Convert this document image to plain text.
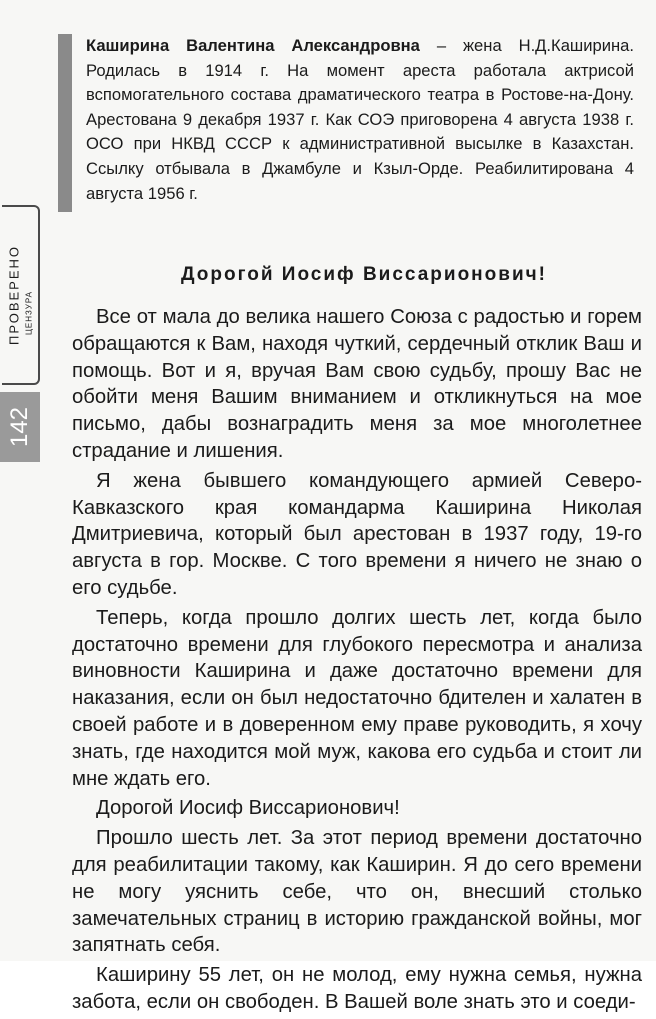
Каширина Валентина Александровна – жена Н.Д.Каширина. Родилась в 1914 г. На момент ареста работала актрисой вспомогательного состава драматического театра в Ростове-на-Дону. Арестована 9 декабря 1937 г. Как СОЭ приговорена 4 августа 1938 г. ОСО при НКВД СССР к административной высылке в Казахстан. Ссылку отбывала в Джамбуле и Кзыл-Орде. Реабилитирована 4 августа 1956 г.
ПРОВЕРЕНО ЦЕНЗУРА
142
Дорогой Иосиф Виссарионович!

Все от мала до велика нашего Союза с радостью и горем обращаются к Вам, находя чуткий, сердечный отклик Ваш и помощь. Вот и я, вручая Вам свою судьбу, прошу Вас не обойти меня Вашим вниманием и откликнуться на мое письмо, дабы вознаградить меня за мое многолетнее страдание и лишения.

Я жена бывшего командующего армией Северо-Кавказского края командарма Каширина Николая Дмитриевича, который был арестован в 1937 году, 19-го августа в гор. Москве. С того времени я ничего не знаю о его судьбе.

Теперь, когда прошло долгих шесть лет, когда было достаточно времени для глубокого пересмотра и анализа виновности Каширина и даже достаточно времени для наказания, если он был недостаточно бдителен и халатен в своей работе и в доверенном ему праве руководить, я хочу знать, где находится мой муж, какова его судьба и стоит ли мне ждать его.

Дорогой Иосиф Виссарионович!

Прошло шесть лет. За этот период времени достаточно для реабилитации такому, как Каширин. Я до сего времени не могу уяснить себе, что он, внесший столько замечательных страниц в историю гражданской войны, мог запятнать себя.

Каширину 55 лет, он не молод, ему нужна семья, нужна забота, если он свободен. В Вашей воле знать это и соеди-
